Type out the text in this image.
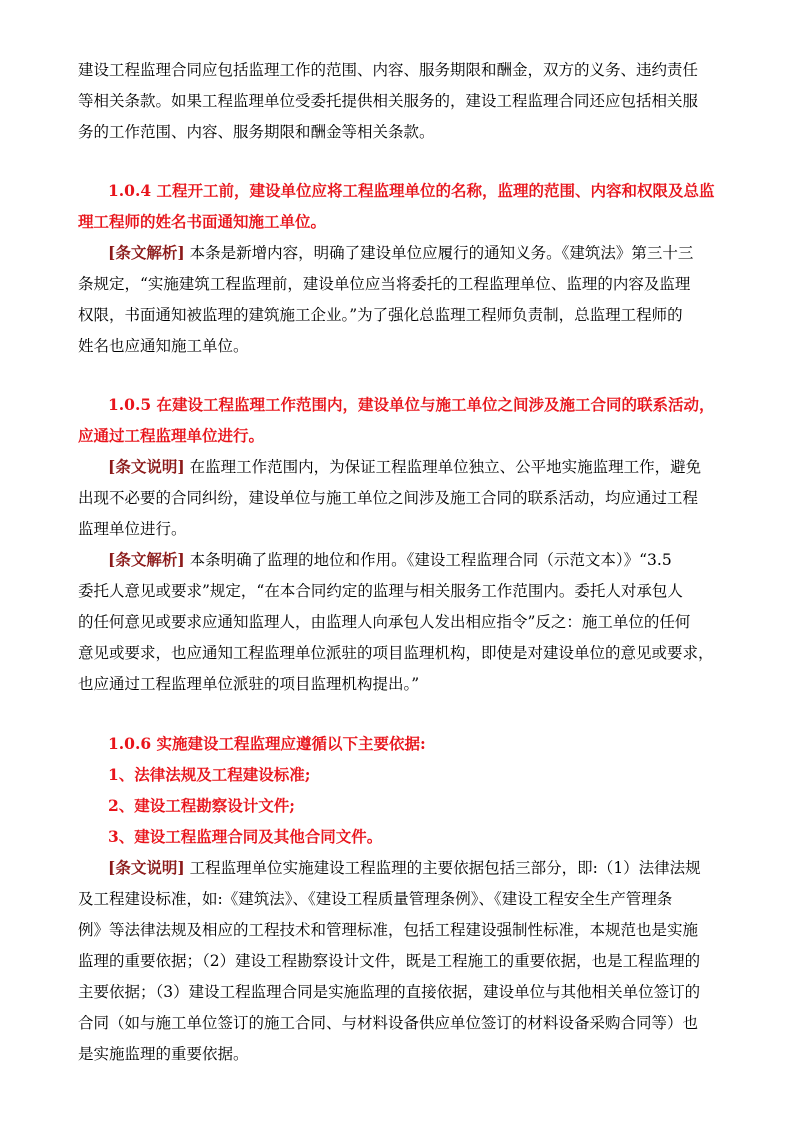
建设工程监理合同应包括监理工作的范围、内容、服务期限和酬金，双方的义务、违约责任
等相关条款。如果工程监理单位受委托提供相关服务的，建设工程监理合同还应包括相关服
务的工作范围、内容、服务期限和酬金等相关条款。
1.0.4 工程开工前，建设单位应将工程监理单位的名称，监理的范围、内容和权限及总监
理工程师的姓名书面通知施工单位。
[条文解析] 本条是新增内容，明确了建设单位应履行的通知义务。《建筑法》第三十三
条规定，“实施建筑工程监理前，建设单位应当将委托的工程监理单位、监理的内容及监理
权限，书面通知被监理的建筑施工企业。”为了强化总监理工程师负责制，总监理工程师的
姓名也应通知施工单位。
1.0.5 在建设工程监理工作范围内，建设单位与施工单位之间涉及施工合同的联系活动，
应通过工程监理单位进行。
[条文说明] 在监理工作范围内，为保证工程监理单位独立、公平地实施监理工作，避免
出现不必要的合同纠纷，建设单位与施工单位之间涉及施工合同的联系活动，均应通过工程
监理单位进行。
[条文解析] 本条明确了监理的地位和作用。《建设工程监理合同（示范文本）》“3.5
委托人意见或要求”规定，“在本合同约定的监理与相关服务工作范围内。委托人对承包人
的任何意见或要求应通知监理人，由监理人向承包人发出相应指令”反之：施工单位的任何
意见或要求，也应通知工程监理单位派驻的项目监理机构，即使是对建设单位的意见或要求，
也应通过工程监理单位派驻的项目监理机构提出。”
1.0.6 实施建设工程监理应遵循以下主要依据:
1、法律法规及工程建设标准;
2、建设工程勘察设计文件;
3、建设工程监理合同及其他合同文件。
[条文说明] 工程监理单位实施建设工程监理的主要依据包括三部分，即:（1）法律法规
及工程建设标准，如:《建筑法》、《建设工程质量管理条例》、《建设工程安全生产管理条
例》等法律法规及相应的工程技术和管理标准，包括工程建设强制性标准，本规范也是实施
监理的重要依据；（2）建设工程勘察设计文件，既是工程施工的重要依据，也是工程监理的
主要依据；（3）建设工程监理合同是实施监理的直接依据，建设单位与其他相关单位签订的
合同（如与施工单位签订的施工合同、与材料设备供应单位签订的材料设备采购合同等）也
是实施监理的重要依据。
